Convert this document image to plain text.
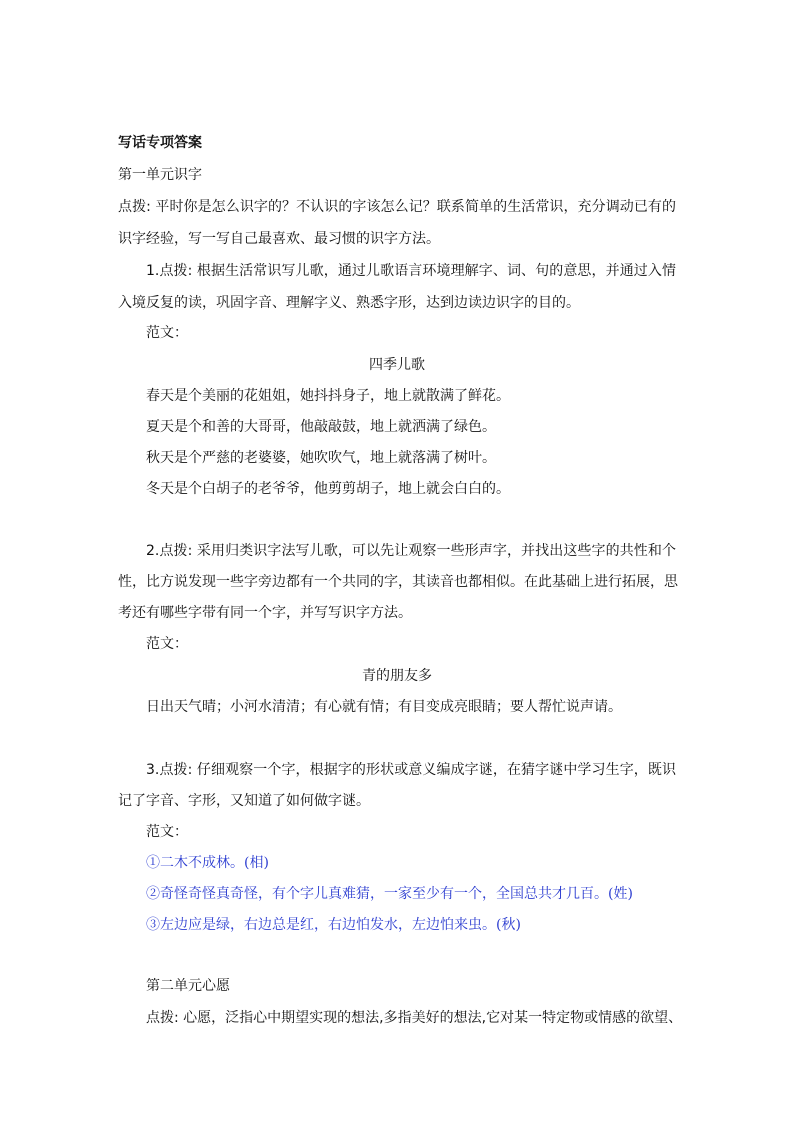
写话专项答案
第一单元识字
点拨: 平时你是怎么识字的？不认识的字该怎么记？联系简单的生活常识，充分调动已有的
识字经验，写一写自己最喜欢、最习惯的识字方法。
1.点拨: 根据生活常识写儿歌，通过儿歌语言环境理解字、词、句的意思，并通过入情
入境反复的读，巩固字音、理解字义、熟悉字形，达到边读边识字的目的。
范文：
四季儿歌
春天是个美丽的花姐姐，她抖抖身子，地上就散满了鲜花。
夏天是个和善的大哥哥，他敲敲鼓，地上就洒满了绿色。
秋天是个严慈的老婆婆，她吹吹气，地上就落满了树叶。
冬天是个白胡子的老爷爷，他剪剪胡子，地上就会白白的。
2.点拨: 采用归类识字法写儿歌，可以先让观察一些形声字，并找出这些字的共性和个
性，比方说发现一些字旁边都有一个共同的字，其读音也都相似。在此基础上进行拓展，思
考还有哪些字带有同一个字，并写写识字方法。
范文：
青的朋友多
日出天气晴；小河水清清；有心就有情；有目变成亮眼睛；要人帮忙说声请。
3.点拨: 仔细观察一个字，根据字的形状或意义编成字谜，在猜字谜中学习生字，既识
记了字音、字形，又知道了如何做字谜。
范文：
①二木不成林。(相)
②奇怪奇怪真奇怪，有个字儿真难猜，一家至少有一个，全国总共才几百。(姓)
③左边应是绿，右边总是红，右边怕发水，左边怕来虫。(秋)
第二单元心愿
点拨: 心愿，泛指心中期望实现的想法,多指美好的想法,它对某一特定物或情感的欲望、
